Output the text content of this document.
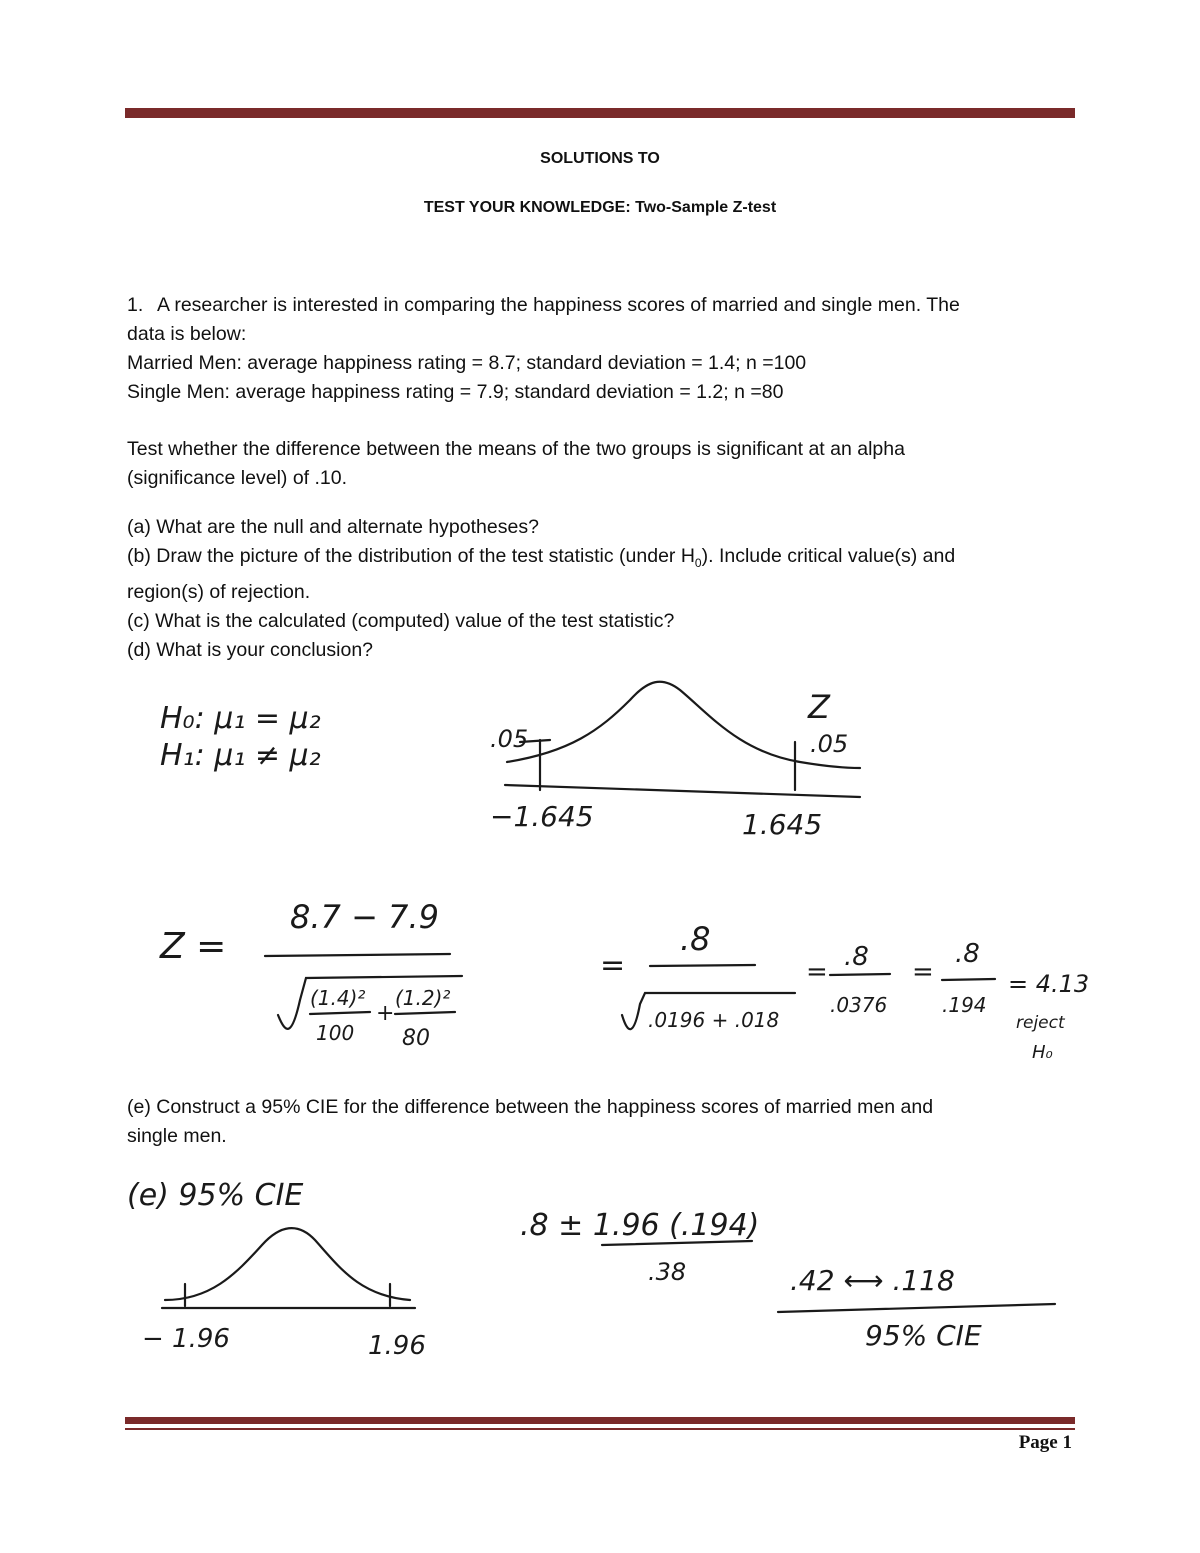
SOLUTIONS TO
TEST YOUR KNOWLEDGE: Two-Sample Z-test
1. A researcher is interested in comparing the happiness scores of married and single men. The
data is below:
Married Men: average happiness rating = 8.7; standard deviation = 1.4; n =100
Single Men: average happiness rating = 7.9; standard deviation = 1.2; n =80
Test whether the difference between the means of the two groups is significant at an alpha
(significance level) of .10.
(a) What are the null and alternate hypotheses?
(b) Draw the picture of the distribution of the test statistic (under $H_0$). Include critical value(s) and
region(s) of rejection.
(c) What is the calculated (computed) value of the test statistic?
(d) What is your conclusion?
(e) Construct a 95% CIE for the difference between the happiness scores of married men and
single men.
H₀: μ₁ = μ₂
H₁: μ₁ ≠ μ₂	.05	.05
Z
−1.645	1.645
Z =
8.7 − 7.9
(1.4)²
100
+
(1.2)²
80
=
.8
.0196 + .018
= .8
.0376
=
.8
.194
= 4.13
reject
H₀
(e) 95% CIE
− 1.96	1.96
.8 ± 1.96 (.194)
.38	.42 ⟷ .118
95% CIE
Page 1
